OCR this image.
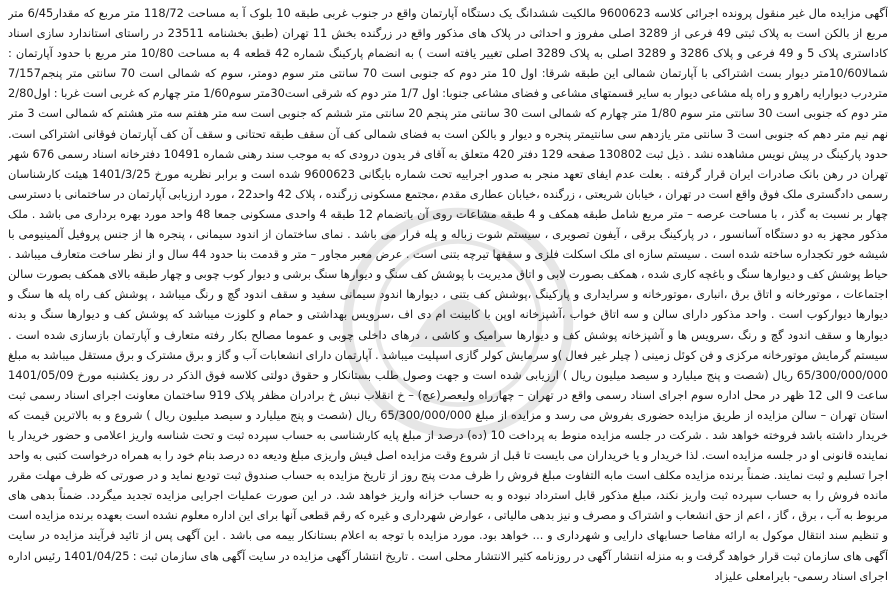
آگهی مزایده مال غیر منقول پرونده اجرائی کلاسه 9600623 مالکیت ششدانگ یک دستگاه آپارتمان واقع در جنوب غربی طبقه 10 بلوک آ به مساحت 118/72 متر مربع که مقدار6/45 متر مربع از بالکن است به پلاک ثبتی 49 فرعی از 3289 اصلی مفروز و احداثی در پلاک های مذکور واقع در زرگنده بخش 11 تهران (طبق بخشنامه 23511 در راستای استاندارد سازی اسناد کاداستری پلاک 5 و 49 فرعی و پلاک 3286 و 3289 اصلی به پلاک 3289 اصلی تغییر یافته است ) به انضمام پارکینگ شماره 42 قطعه 4 به مساحت 10/80 متر مربع با حدود آپارتمان : شمالا10/60متر دیوار بست اشتراکی با آپارتمان شمالی این طبقه شرقا: اول 10 متر دوم که جنوبی است 70 سانتی متر سوم دومتر، سوم که شمالی است 70 سانتی متر پنجم7/157 متردرب دیوارایه راهرو و راه پله مشاعی دیوار به سایر قسمتهای مشاعی و فضای مشاعی جنوبا: اول 1/7 متر دوم که شرقی است30متر سوم1/60 متر چهارم که غربی است غربا : اول2/80 متر دوم که جنوبی است 30 سانتی متر سوم 1/80 متر چهارم که شمالی است 30 سانتی متر پنجم 20 سانتی متر ششم که جنوبی است سه متر هفتم سه متر هشتم که شمالی است 3 متر نهم نیم متر دهم که جنوبی است 3 سانتی متر یازدهم سی سانتیمتر پنجره و دیوار و بالکن است به فضای شمالی کف آن سقف طبقه تحتانی و سقف آن کف آپارتمان فوقانی اشتراکی است. حدود پارکینگ در پیش نویس مشاهده نشد . ذیل ثبت 130802 صفحه 129 دفتر 420 متعلق به آقای فر یدون درودی که به موجب سند رهنی شماره 10491 دفترخانه اسناد رسمی 676 شهر تهران در رهن بانک صادرات ایران قرار گرفته . بعلت عدم ایفای تعهد منجر به صدور اجراییه تحت شماره بایگانی 9600623 شده است و برابر نظریه مورخ 1401/3/25 هیئت کارشناسان رسمی دادگستری ملک فوق واقع است در تهران ، خیابان شریعتی ، زرگنده ،خیابان عطاری مقدم ،مجتمع مسکونی زرگنده ، پلاک 42 واحد22 ، مورد ارزیابی آپارتمان در ساختمانی با دسترسی چهار بر نسبت به گذر ، با مساحت عرصه – متر مربع شامل طبقه همکف و 4 طبقه مشاعات روی آن باتضمام 12 طبقه 4 واحدی مسکونی جمعا 48 واحد مورد بهره برداری می باشد . ملک مذکور مجهز به دو دستگاه آسانسور ، در پارکینگ برقی ، آیفون تصویری ، سیستم شوت زباله و پله فرار می باشد . نمای ساختمان از اندود سیمانی ، پنجره ها از جنس پروفیل آلمینیومی با شیشه خور تکجداره ساخته شده است . سیستم سازه ای ملک اسکلت فلزی و سقفها تیرچه بتنی است . عرض معبر مجاور – متر و قدمت بنا حدود 44 سال و از نظر ساخت متعارف میباشد . حیاط پوشش کف و دیوارها سنگ و باغچه کاری شده ، همکف بصورت لابی و اتاق مدیریت با پوشش کف سنگ و دیوارها سنگ برشی و دیوار کوب چوبی و چهار طبقه بالای همکف بصورت سالن اجتماعات ، موتورخانه و اتاق برق ،انباری ،موتورخانه و سرایداری و پارکینگ ،پوشش کف بتنی ، دیوارها اندود سیمانی سفید و سقف اندود گچ و رنگ میباشد ، پوشش کف راه پله ها سنگ و دیوارها دیوارکوب است . واحد مذکور دارای سالن و سه اتاق خواب ،آشپزخانه اوپن با کابینت ام دی اف ،سرویس بهداشتی و حمام و کلوزت میباشد که پوشش کف و دیوارها سنگ و بدنه دیوارها و سقف اندود گچ و رنگ ،سرویس ها و آشپزخانه پوشش کف و دیوارها سرامیک و کاشی ، درهای داخلی چوبی و عموما مصالح بکار رفته متعارف و آپارتمان بازسازی شده است . سیستم گرمایش موتورخانه مرکزی و فن کوئل زمینی ( چیلر غیر فعال )و سرمایش کولر گازی اسپلیت میباشد . آپارتمان دارای انشعابات آب و گاز و برق مشترک و برق مستقل میباشد به مبلغ 65/300/000/000 ریال (شصت و پنج میلیارد و سیصد میلیون ریال ) ارزیابی شده است و جهت وصول طلب بستانکار و حقوق دولتی کلاسه فوق الذکر در روز یکشنبه مورخ 1401/05/09 ساعت 9 الی 12 ظهر در محل اداره سوم اجرای اسناد رسمی واقع در تهران – چهارراه ولیعصر(عج) – خ انقلاب نبش خ برادران مظفر پلاک 919 ساختمان معاونت اجرای اسناد رسمی ثبت استان تهران – سالن مزایده از طریق مزایده حضوری بفروش می رسد و مزایده از مبلغ 65/300/000/000 ریال (شصت و پنج میلیارد و سیصد میلیون ریال ) شروع و به بالاترین قیمت که خریدار داشته باشد فروخته خواهد شد . شرکت در جلسه مزایده منوط به پرداخت 10 (ده) درصد از مبلغ پایه کارشناسی به حساب سپرده ثبت و تحت شناسه واریز اعلامی و حضور خریدار یا نماینده قانونی او در جلسه مزایده است. لذا خریدار و یا خریداران می بایست تا قبل از شروع وقت مزایده اصل فیش واریزی مبلغ ودیعه ده درصد بنام خود را به همراه درخواست کتبی به واحد اجرا تسلیم و ثبت نمایند. ضمناً برنده مزایده مکلف است مابه التفاوت مبلغ فروش را ظرف مدت پنج روز از تاریخ مزایده به حساب صندوق ثبت تودیع نماید و در صورتی که ظرف مهلت مقرر مانده فروش را به حساب سپرده ثبت واریز نکند، مبلغ مذکور قابل استرداد نبوده و به حساب خزانه واریز خواهد شد. در این صورت عملیات اجرایی مزایده تجدید میگردد. ضمناً بدهی های مربوط به آب ، برق ، گاز ، اعم از حق انشعاب و اشتراک و مصرف و نیز بدهی مالیاتی ، عوارض شهرداری و غیره که رقم قطعی آنها برای این اداره معلوم نشده است بعهده برنده مزایده است و تنظیم سند انتقال موکول به ارائه مفاصا حسابهای دارایی و شهرداری و ... خواهد بود. مورد مزایده با توجه به اعلام بستانکار بیمه می باشد . این آگهی پس از تائید فرآیند مزایده در سایت آگهی های سازمان ثبت قرار خواهد گرفت و به منزله انتشار آگهی در روزنامه کثیر الانتشار محلی است . تاریخ انتشار آگهی مزایده در سایت آگهی های سازمان ثبت : 1401/04/25 رئیس اداره اجرای اسناد رسمی- بایرامعلی علیزاد
